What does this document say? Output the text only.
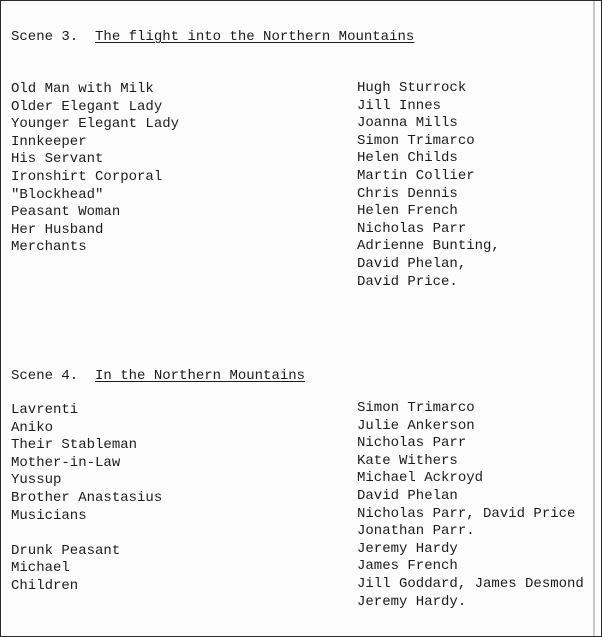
Scene 3. The flight into the Northern Mountains
Old Man with Milk
Older Elegant Lady
Younger Elegant Lady
Innkeeper
His Servant
Ironshirt Corporal
"Blockhead"
Peasant Woman
Her Husband
Merchants
Hugh Sturrock
Jill Innes
Joanna Mills
Simon Trimarco
Helen Childs
Martin Collier
Chris Dennis
Helen French
Nicholas Parr
Adrienne Bunting,
David Phelan,
David Price.
Scene 4. In the Northern Mountains
Lavrenti
Aniko
Their Stableman
Mother-in-Law
Yussup
Brother Anastasius
Musicians
Drunk Peasant
Michael
Children
Simon Trimarco
Julie Ankerson
Nicholas Parr
Kate Withers
Michael Ackroyd
David Phelan
Nicholas Parr, David Price
Jonathan Parr.
Jeremy Hardy
James French
Jill Goddard, James Desmond
Jeremy Hardy.
